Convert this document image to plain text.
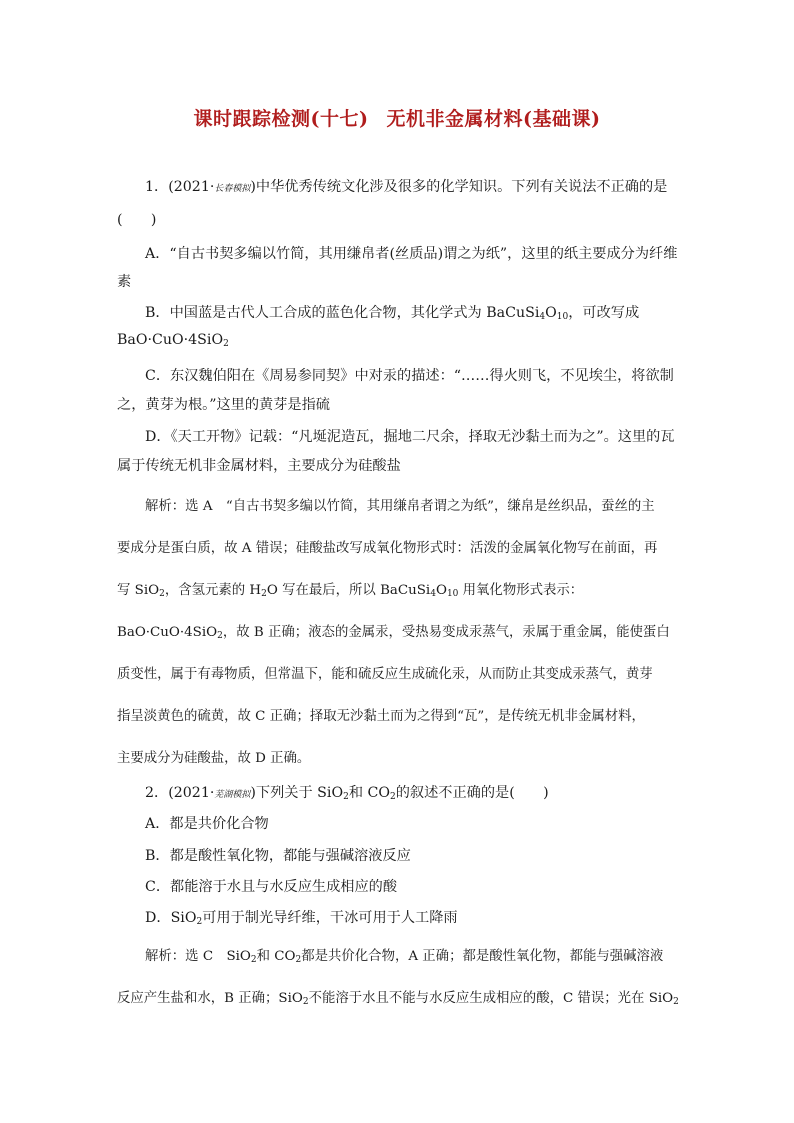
课时跟踪检测(十七) 无机非金属材料(基础课)
1．(2021·长春模拟)中华优秀传统文化涉及很多的化学知识。下列有关说法不正确的是
(　　)
A．“自古书契多编以竹简，其用缣帛者(丝质品)谓之为纸”，这里的纸主要成分为纤维
素
B．中国蓝是古代人工合成的蓝色化合物，其化学式为 $BaCuSi_4O_{10}$，可改写成
BaO·CuO·4SiO$_2$
C．东汉魏伯阳在《周易参同契》中对汞的描述：“……得火则飞，不见埃尘，将欲制
之，黄芽为根。”这里的黄芽是指硫
D．《天工开物》记载：“凡埏泥造瓦，掘地二尺余，择取无沙黏土而为之”。这里的瓦
属于传统无机非金属材料，主要成分为硅酸盐
解析：选 A　“自古书契多编以竹简，其用缣帛者谓之为纸”，缣帛是丝织品，蚕丝的主
要成分是蛋白质，故 A 错误；硅酸盐改写成氧化物形式时：活泼的金属氧化物写在前面，再
写 SiO$_2$，含氢元素的 $H_2O$ 写在最后，所以 $BaCuSi_4O_{10}$ 用氧化物形式表示：
BaO·CuO·4SiO$_2$，故 B 正确；液态的金属汞，受热易变成汞蒸气，汞属于重金属，能使蛋白
质变性，属于有毒物质，但常温下，能和硫反应生成硫化汞，从而防止其变成汞蒸气，黄芽
指呈淡黄色的硫黄，故 C 正确；择取无沙黏土而为之得到“瓦”，是传统无机非金属材料，
主要成分为硅酸盐，故 D 正确。
2．(2021·芜湖模拟)下列关于 SiO$_2$和 $CO_2$的叙述不正确的是(　　)
A．都是共价化合物
B．都是酸性氧化物，都能与强碱溶液反应
C．都能溶于水且与水反应生成相应的酸
D．SiO$_2$可用于制光导纤维，干冰可用于人工降雨
解析：选 C　SiO$_2$和 $CO_2$都是共价化合物，A 正确；都是酸性氧化物，都能与强碱溶液
反应产生盐和水，B 正确；SiO$_2$不能溶于水且不能与水反应生成相应的酸，C 错误；光在 SiO$_2$
